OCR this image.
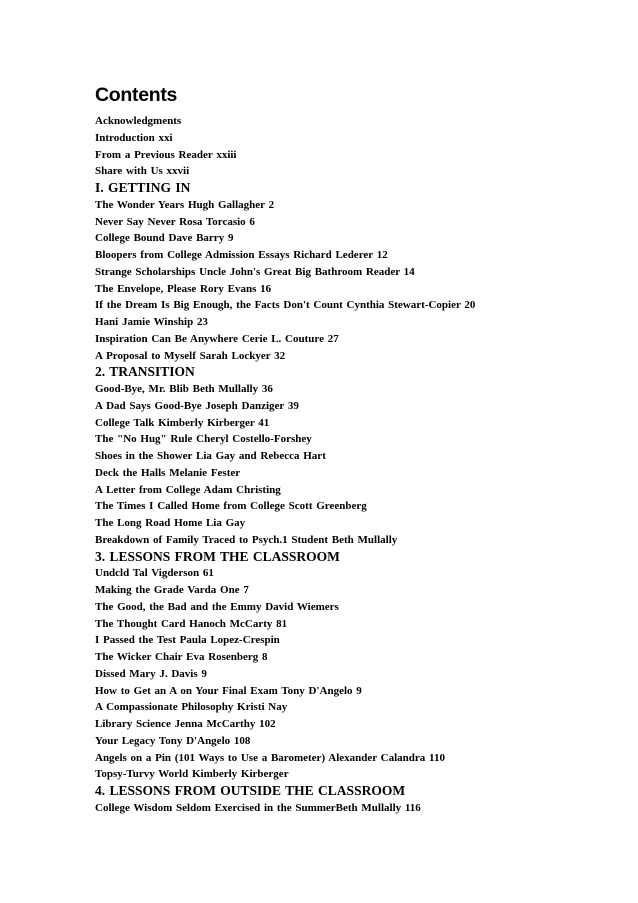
Contents
Acknowledgments
Introduction xxi
From a Previous Reader xxiii
Share with Us xxvii
I. GETTING IN
The Wonder Years Hugh Gallagher 2
Never Say Never Rosa Torcasio 6
College Bound Dave Barry 9
Bloopers from College Admission Essays Richard Lederer 12
Strange Scholarships Uncle John's Great Big Bathroom Reader 14
The Envelope, Please Rory Evans 16
If the Dream Is Big Enough, the Facts Don't Count Cynthia Stewart-Copier 20
Hani Jamie Winship 23
Inspiration Can Be Anywhere Cerie L. Couture 27
A Proposal to Myself Sarah Lockyer 32
2. TRANSITION
Good-Bye, Mr. Blib Beth Mullally 36
A Dad Says Good-Bye Joseph Danziger 39
College Talk Kimberly Kirberger 41
The "No Hug" Rule Cheryl Costello-Forshey
Shoes in the Shower Lia Gay and Rebecca Hart
Deck the Halls Melanie Fester
A Letter from College Adam Christing
The Times I Called Home from College Scott Greenberg
The Long Road Home Lia Gay
Breakdown of Family Traced to Psych.1 Student Beth Mullally
3. LESSONS FROM THE CLASSROOM
Undcld Tal Vigderson 61
Making the Grade Varda One 7
The Good, the Bad and the Emmy David Wiemers
The Thought Card Hanoch McCarty 81
I Passed the Test Paula Lopez-Crespin
The Wicker Chair Eva Rosenberg 8
Dissed Mary J. Davis 9
How to Get an A on Your Final Exam Tony D'Angelo 9
A Compassionate Philosophy Kristi Nay
Library Science Jenna McCarthy 102
Your Legacy Tony D'Angelo 108
Angels on a Pin (101 Ways to Use a Barometer) Alexander Calandra 110
Topsy-Turvy World Kimberly Kirberger
4. LESSONS FROM OUTSIDE THE CLASSROOM
College Wisdom Seldom Exercised in the SummerBeth Mullally 116
